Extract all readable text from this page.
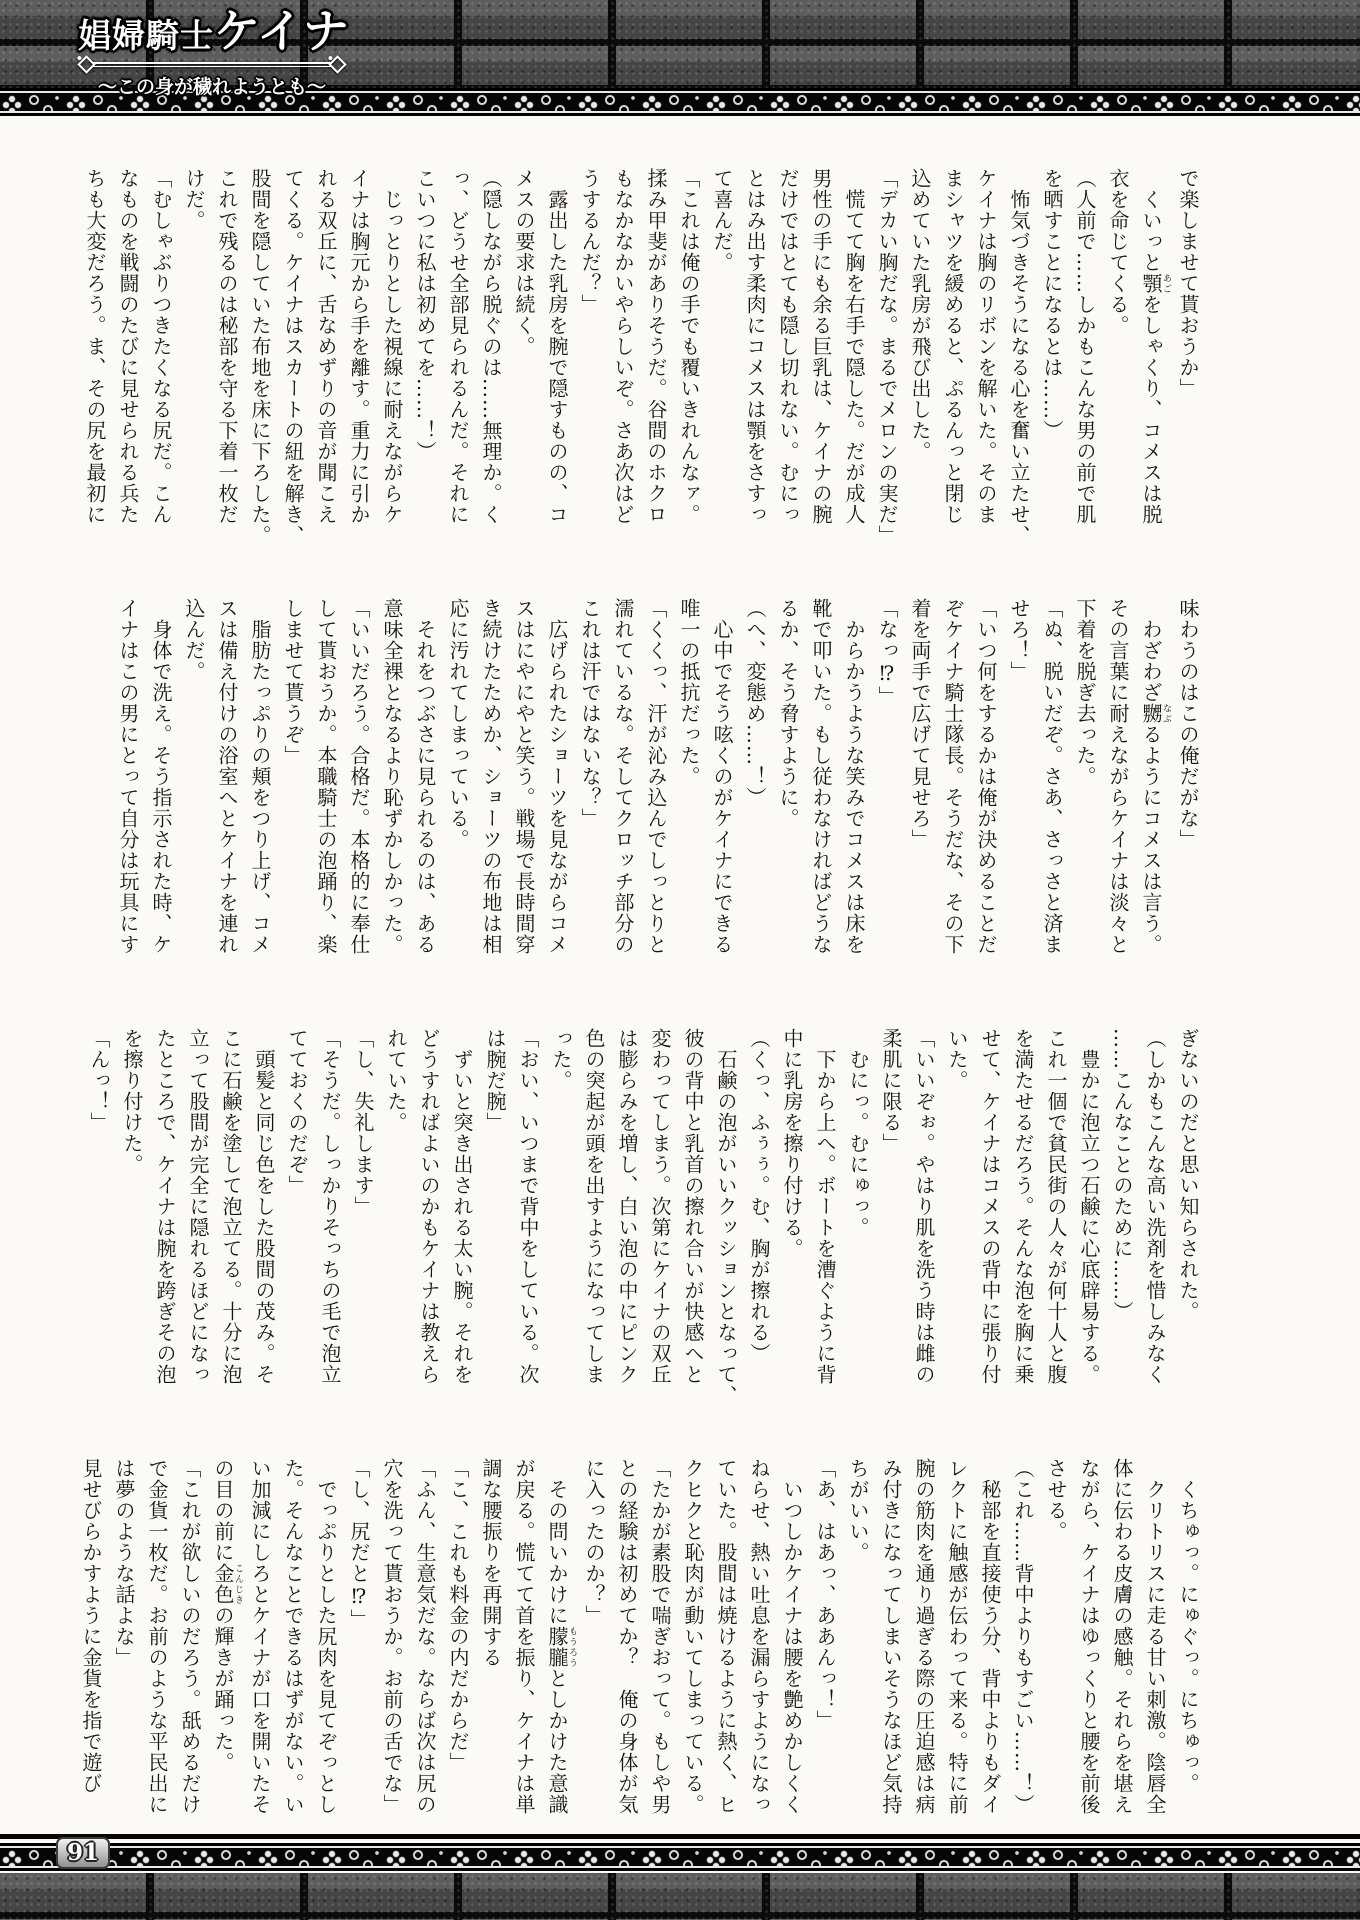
娼婦騎士ケイナ
〜この身が穢れようとも〜

で楽しませて貰おうか」

　くいっと顎あごをしゃくり、コメスは脱

衣を命じてくる。

（人前で……しかもこんな男の前で肌

を晒すことになるとは……）

　怖気づきそうになる心を奮い立たせ、

ケイナは胸のリボンを解いた。そのま

まシャツを緩めると、ぷるんっと閉じ

込めていた乳房が飛び出した。

「デカい胸だな。まるでメロンの実だ」

　慌てて胸を右手で隠した。だが成人

男性の手にも余る巨乳は、ケイナの腕

だけではとても隠し切れない。むにっ

とはみ出す柔肉にコメスは顎をさすっ

て喜んだ。

「これは俺の手でも覆いきれんなァ。

揉み甲斐がありそうだ。谷間のホクロ

もなかなかいやらしいぞ。さあ次はど

うするんだ？」

　露出した乳房を腕で隠すものの、コ

メスの要求は続く。

（隠しながら脱ぐのは……無理か。く

っ、どうせ全部見られるんだ。それに

こいつに私は初めてを……！）

　じっとりとした視線に耐えながらケ

イナは胸元から手を離す。重力に引か

れる双丘に、舌なめずりの音が聞こえ

てくる。ケイナはスカートの紐を解き、

股間を隠していた布地を床に下ろした。

これで残るのは秘部を守る下着一枚だ

けだ。

「むしゃぶりつきたくなる尻だ。こん

なものを戦闘のたびに見せられる兵た

ちも大変だろう。ま、その尻を最初に

味わうのはこの俺だがな」

　わざわざ嬲なぶるようにコメスは言う。

その言葉に耐えながらケイナは淡々と

下着を脱ぎ去った。

「ぬ、脱いだぞ。さあ、さっさと済ま

せろ！」

「いつ何をするかは俺が決めることだ

ぞケイナ騎士隊長。そうだな、その下

着を両手で広げて見せろ」

「なっ⁉」

　からかうような笑みでコメスは床を

靴で叩いた。もし従わなければどうな

るか、そう脅すように。

（へ、変態め……！）

　心中でそう呟くのがケイナにできる

唯一の抵抗だった。

「くくっ、汗が沁み込んでしっとりと

濡れているな。そしてクロッチ部分の

これは汗ではないな？」

　広げられたショーツを見ながらコメ

スはにやにやと笑う。戦場で長時間穿

き続けたためか、ショーツの布地は相

応に汚れてしまっている。

　それをつぶさに見られるのは、ある

意味全裸となるより恥ずかしかった。

「いいだろう。合格だ。本格的に奉仕

して貰おうか。本職騎士の泡踊り、楽

しませて貰うぞ」

　脂肪たっぷりの頬をつり上げ、コメ

スは備え付けの浴室へとケイナを連れ

込んだ。

　身体で洗え。そう指示された時、ケ

イナはこの男にとって自分は玩具にす

ぎないのだと思い知らされた。

（しかもこんな高い洗剤を惜しみなく

……こんなことのために……）

　豊かに泡立つ石鹸に心底辟易する。

これ一個で貧民街の人々が何十人と腹

を満たせるだろう。そんな泡を胸に乗

せて、ケイナはコメスの背中に張り付

いた。

「いいぞぉ。やはり肌を洗う時は雌の

柔肌に限る」

　むにっ。むにゅっ。

　下から上へ。ボートを漕ぐように背

中に乳房を擦り付ける。

（くっ、ふぅぅ。む、胸が擦れる）

　石鹸の泡がいいクッションとなって、

彼の背中と乳首の擦れ合いが快感へと

変わってしまう。次第にケイナの双丘

は膨らみを増し、白い泡の中にピンク

色の突起が頭を出すようになってしま

った。

「おい、いつまで背中をしている。次

は腕だ腕」

　ずいと突き出される太い腕。それを

どうすればよいのかもケイナは教えら

れていた。

「し、失礼します」

「そうだ。しっかりそっちの毛で泡立

てておくのだぞ」

　頭髪と同じ色をした股間の茂み。そ

こに石鹸を塗して泡立てる。十分に泡

立って股間が完全に隠れるほどになっ

たところで、ケイナは腕を跨ぎその泡

を擦り付けた。

「んっ！」

　くちゅっ。にゅぐっ。にちゅっ。

　クリトリスに走る甘い刺激。陰唇全

体に伝わる皮膚の感触。それらを堪え

ながら、ケイナはゆっくりと腰を前後

させる。

（これ……背中よりもすごい……！）

　秘部を直接使う分、背中よりもダイ

レクトに触感が伝わって来る。特に前

腕の筋肉を通り過ぎる際の圧迫感は病

み付きになってしまいそうなほど気持

ちがいい。

「あ、はあっ、ああんっ！」

　いつしかケイナは腰を艶めかしくく

ねらせ、熱い吐息を漏らすようになっ

ていた。股間は焼けるように熱く、ヒ

クヒクと恥肉が動いてしまっている。

「たかが素股で喘ぎおって。もしや男

との経験は初めてか？　俺の身体が気

に入ったのか？」

　その問いかけに朦朧もうろうとしかけた意識

が戻る。慌てて首を振り、ケイナは単

調な腰振りを再開する

「こ、これも料金の内だからだ」

「ふん、生意気だな。ならば次は尻の

穴を洗って貰おうか。お前の舌でな」

「し、尻だと⁉」

　でっぷりとした尻肉を見てぞっとし

た。そんなことできるはずがない。い

い加減にしろとケイナが口を開いたそ

の目の前に金色こんじきの輝きが踊った。

「これが欲しいのだろう。舐めるだけ

で金貨一枚だ。お前のような平民出に

は夢のような話よな」

見せびらかすように金貨を指で遊び

91
